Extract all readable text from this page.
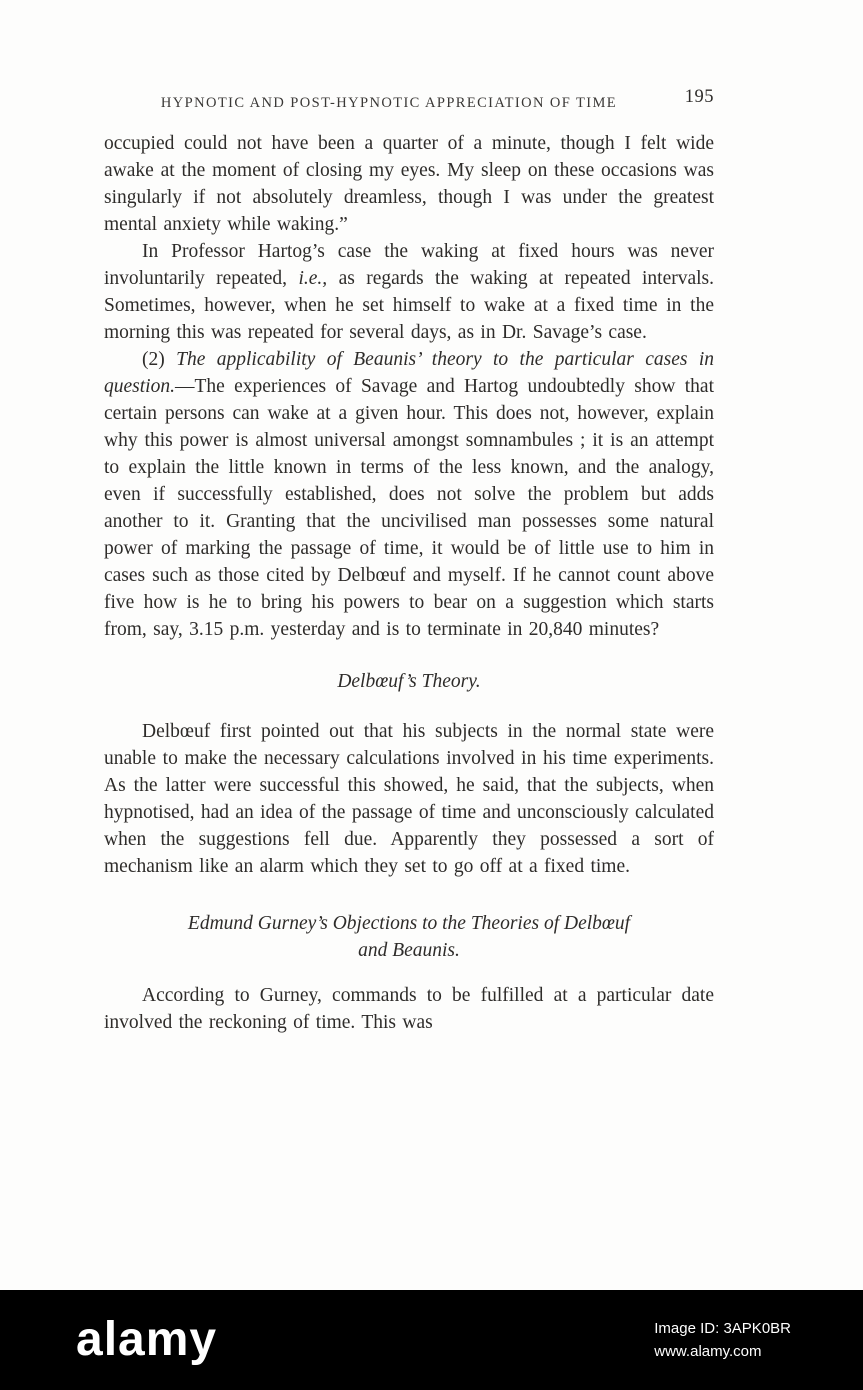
HYPNOTIC AND POST-HYPNOTIC APPRECIATION OF TIME	195

occupied could not have been a quarter of a minute, though I felt wide awake at the moment of closing my eyes. My sleep on these occasions was singularly if not absolutely dreamless, though I was under the greatest mental anxiety while waking.”

In Professor Hartog’s case the waking at fixed hours was never involuntarily repeated, i.e., as regards the waking at repeated intervals. Sometimes, however, when he set himself to wake at a fixed time in the morning this was repeated for several days, as in Dr. Savage’s case.

(2) The applicability of Beaunis’ theory to the particular cases in question.—The experiences of Savage and Hartog undoubtedly show that certain persons can wake at a given hour. This does not, however, explain why this power is almost universal amongst somnambules ; it is an attempt to explain the little known in terms of the less known, and the analogy, even if successfully established, does not solve the problem but adds another to it. Granting that the uncivilised man possesses some natural power of marking the passage of time, it would be of little use to him in cases such as those cited by Delbœuf and myself. If he cannot count above five how is he to bring his powers to bear on a suggestion which starts from, say, 3.15 p.m. yesterday and is to terminate in 20,840 minutes?

Delbœuf’s Theory.

Delbœuf first pointed out that his subjects in the normal state were unable to make the necessary calculations involved in his time experiments. As the latter were successful this showed, he said, that the subjects, when hypnotised, had an idea of the passage of time and unconsciously calculated when the suggestions fell due. Apparently they possessed a sort of mechanism like an alarm which they set to go off at a fixed time.

Edmund Gurney’s Objections to the Theories of Delbœuf
and Beaunis.

According to Gurney, commands to be fulfilled at a particular date involved the reckoning of time. This was

alamy	Image ID: 3APK0BR
www.alamy.com
